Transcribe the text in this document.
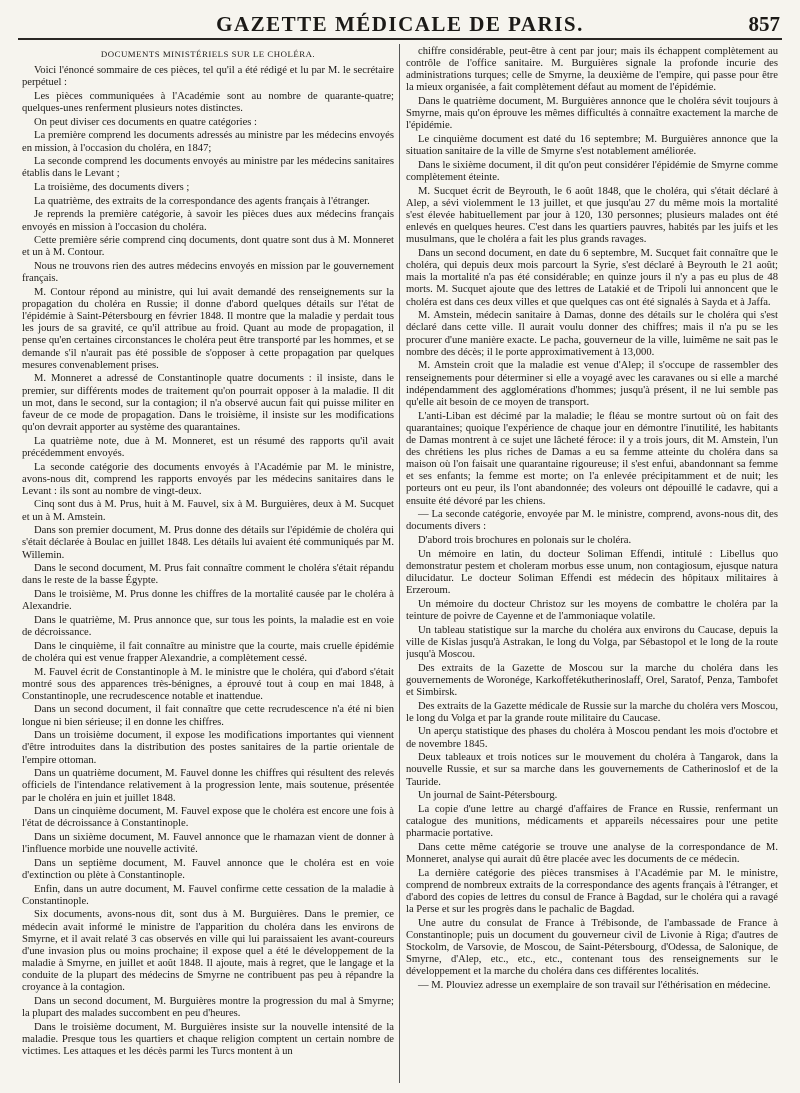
GAZETTE MÉDICALE DE PARIS.	857

DOCUMENTS MINISTÉRIELS SUR LE CHOLÉRA.

Voici l'énoncé sommaire de ces pièces, tel qu'il a été rédigé et lu par M. le secrétaire perpétuel :

Les pièces communiquées à l'Académie sont au nombre de quarante-quatre; quelques-unes renferment plusieurs notes distinctes.

On peut diviser ces documents en quatre catégories :

La première comprend les documents adressés au ministre par les médecins envoyés en mission, à l'occasion du choléra, en 1847;

La seconde comprend les documents envoyés au ministre par les médecins sanitaires établis dans le Levant ;

La troisième, des documents divers ;

La quatrième, des extraits de la correspondance des agents français à l'étranger.

Je reprends la première catégorie, à savoir les pièces dues aux médecins français envoyés en mission à l'occasion du choléra.

Cette première série comprend cinq documents, dont quatre sont dus à M. Monneret et un à M. Contour.

Nous ne trouvons rien des autres médecins envoyés en mission par le gouvernement français.

M. Contour répond au ministre, qui lui avait demandé des renseignements sur la propagation du choléra en Russie; il donne d'abord quelques détails sur l'état de l'épidémie à Saint-Pétersbourg en février 1848. Il montre que la maladie y perdait tous les jours de sa gravité, ce qu'il attribue au froid. Quant au mode de propagation, il pense qu'en certaines circonstances le choléra peut être transporté par les hommes, et se demande s'il n'aurait pas été possible de s'opposer à cette propagation par quelques mesures convenablement prises.

M. Monneret a adressé de Constantinople quatre documents : il insiste, dans le premier, sur différents modes de traitement qu'on pourrait opposer à la maladie. Il dit un mot, dans le second, sur la contagion; il n'a observé aucun fait qui puisse militer en faveur de ce mode de propagation. Dans le troisième, il insiste sur les modifications qu'on devrait apporter au système des quarantaines.

La quatrième note, due à M. Monneret, est un résumé des rapports qu'il avait précédemment envoyés.

La seconde catégorie des documents envoyés à l'Académie par M. le ministre, avons-nous dit, comprend les rapports envoyés par les médecins sanitaires dans le Levant : ils sont au nombre de vingt-deux.

Cinq sont dus à M. Prus, huit à M. Fauvel, six à M. Burguières, deux à M. Sucquet et un à M. Amstein.

Dans son premier document, M. Prus donne des détails sur l'épidémie de choléra qui s'était déclarée à Boulac en juillet 1848. Les détails lui avaient été communiqués par M. Willemin.

Dans le second document, M. Prus fait connaître comment le choléra s'était répandu dans le reste de la basse Égypte.

Dans le troisième, M. Prus donne les chiffres de la mortalité causée par le choléra à Alexandrie.

Dans le quatrième, M. Prus annonce que, sur tous les points, la maladie est en voie de décroissance.

Dans le cinquième, il fait connaître au ministre que la courte, mais cruelle épidémie de choléra qui est venue frapper Alexandrie, a complètement cessé.

M. Fauvel écrit de Constantinople à M. le ministre que le choléra, qui d'abord s'était montré sous des apparences très-bénignes, a éprouvé tout à coup en mai 1848, à Constantinople, une recrudescence notable et inattendue.

Dans un second document, il fait connaître que cette recrudescence n'a été ni bien longue ni bien sérieuse; il en donne les chiffres.

Dans un troisième document, il expose les modifications importantes qui viennent d'être introduites dans la distribution des postes sanitaires de la partie orientale de l'empire ottoman.

Dans un quatrième document, M. Fauvel donne les chiffres qui résultent des relevés officiels de l'intendance relativement à la progression lente, mais soutenue, présentée par le choléra en juin et juillet 1848.

Dans un cinquième document, M. Fauvel expose que le choléra est encore une fois à l'état de décroissance à Constantinople.

Dans un sixième document, M. Fauvel annonce que le rhamazan vient de donner à l'influence morbide une nouvelle activité.

Dans un septième document, M. Fauvel annonce que le choléra est en voie d'extinction ou plète à Constantinople.

Enfin, dans un autre document, M. Fauvel confirme cette cessation de la maladie à Constantinople.

Six documents, avons-nous dit, sont dus à M. Burguières. Dans le premier, ce médecin avait informé le ministre de l'apparition du choléra dans les environs de Smyrne, et il avait relaté 3 cas observés en ville qui lui paraissaient les avant-coureurs d'une invasion plus ou moins prochaine; il expose quel a été le développement de la maladie à Smyrne, en juillet et août 1848. Il ajoute, mais à regret, que le langage et la conduite de la plupart des médecins de Smyrne ne contribuent pas peu à répandre la croyance à la contagion.

Dans un second document, M. Burguières montre la progression du mal à Smyrne; la plupart des malades succombent en peu d'heures.

Dans le troisième document, M. Burguières insiste sur la nouvelle intensité de la maladie. Presque tous les quartiers et chaque religion comptent un certain nombre de victimes. Les attaques et les décès parmi les Turcs montent à un

chiffre considérable, peut-être à cent par jour; mais ils échappent complètement au contrôle de l'office sanitaire. M. Burguières signale la profonde incurie des administrations turques; celle de Smyrne, la deuxième de l'empire, qui passe pour être la mieux organisée, a fait complètement défaut au moment de l'épidémie.

Dans le quatrième document, M. Burguières annonce que le choléra sévit toujours à Smyrne, mais qu'on éprouve les mêmes difficultés à connaître exactement la marche de l'épidémie.

Le cinquième document est daté du 16 septembre; M. Burguières annonce que la situation sanitaire de la ville de Smyrne s'est notablement améliorée.

Dans le sixième document, il dit qu'on peut considérer l'épidémie de Smyrne comme complètement éteinte.

M. Sucquet écrit de Beyrouth, le 6 août 1848, que le choléra, qui s'était déclaré à Alep, a sévi violemment le 13 juillet, et que jusqu'au 27 du même mois la mortalité s'est élevée habituellement par jour à 120, 130 personnes; plusieurs malades ont été enlevés en quelques heures. C'est dans les quartiers pauvres, habités par les juifs et les musulmans, que le choléra a fait les plus grands ravages.

Dans un second document, en date du 6 septembre, M. Sucquet fait connaître que le choléra, qui depuis deux mois parcourt la Syrie, s'est déclaré à Beyrouth le 21 août; mais la mortalité n'a pas été considérable; en quinze jours il n'y a pas eu plus de 48 morts. M. Sucquet ajoute que des lettres de Latakié et de Tripoli lui annoncent que le choléra est dans ces deux villes et que quelques cas ont été signalés à Sayda et à Jaffa.

M. Amstein, médecin sanitaire à Damas, donne des détails sur le choléra qui s'est déclaré dans cette ville. Il aurait voulu donner des chiffres; mais il n'a pu se les procurer d'une manière exacte. Le pacha, gouverneur de la ville, luimême ne sait pas le nombre des décès; il le porte approximativement à 13,000.

M. Amstein croit que la maladie est venue d'Alep; il s'occupe de rassembler des renseignements pour déterminer si elle a voyagé avec les caravanes ou si elle a marché indépendamment des agglomérations d'hommes; jusqu'à présent, il ne lui semble pas qu'elle ait besoin de ce moyen de transport.

L'anti-Liban est décimé par la maladie; le fléau se montre surtout où on fait des quarantaines; quoique l'expérience de chaque jour en démontre l'inutilité, les habitants de Damas montrent à ce sujet une lâcheté féroce: il y a trois jours, dit M. Amstein, l'un des chrétiens les plus riches de Damas a eu sa femme atteinte du choléra dans sa maison où l'on faisait une quarantaine rigoureuse; il s'est enfui, abandonnant sa femme et ses enfants; la femme est morte; on l'a enlevée précipitamment et de nuit; les porteurs ont eu peur, ils l'ont abandonnée; des voleurs ont dépouillé le cadavre, qui a ensuite été dévoré par les chiens.

— La seconde catégorie, envoyée par M. le ministre, comprend, avons-nous dit, des documents divers :

D'abord trois brochures en polonais sur le choléra.

Un mémoire en latin, du docteur Soliman Effendi, intitulé : Libellus quo demonstratur pestem et choleram morbus esse unum, non contagiosum, ejusque natura dilucidatur. Le docteur Soliman Effendi est médecin des hôpitaux militaires à Erzeroum.

Un mémoire du docteur Christoz sur les moyens de combattre le choléra par la teinture de poivre de Cayenne et de l'ammoniaque volatile.

Un tableau statistique sur la marche du choléra aux environs du Caucase, depuis la ville de Kislas jusqu'à Astrakan, le long du Volga, par Sébastopol et le long de la route jusqu'à Moscou.

Des extraits de la Gazette de Moscou sur la marche du choléra dans les gouvernements de Woronége, Karkoffetékutherinoslaff, Orel, Saratof, Penza, Tambofet et Simbirsk.

Des extraits de la Gazette médicale de Russie sur la marche du choléra vers Moscou, le long du Volga et par la grande route militaire du Caucase.

Un aperçu statistique des phases du choléra à Moscou pendant les mois d'octobre et de novembre 1845.

Deux tableaux et trois notices sur le mouvement du choléra à Tangarok, dans la nouvelle Russie, et sur sa marche dans les gouvernements de Catherinoslof et de la Tauride.

Un journal de Saint-Pétersbourg.

La copie d'une lettre au chargé d'affaires de France en Russie, renfermant un catalogue des munitions, médicaments et appareils nécessaires pour une petite pharmacie portative.

Dans cette même catégorie se trouve une analyse de la correspondance de M. Monneret, analyse qui aurait dû être placée avec les documents de ce médecin.

La dernière catégorie des pièces transmises à l'Académie par M. le ministre, comprend de nombreux extraits de la correspondance des agents français à l'étranger, et d'abord des copies de lettres du consul de France à Bagdad, sur le choléra qui a ravagé la Perse et sur les progrès dans le pachalic de Bagdad.

Une autre du consulat de France à Trébisonde, de l'ambassade de France à Constantinople; puis un document du gouverneur civil de Livonie à Riga; d'autres de Stockolm, de Varsovie, de Moscou, de Saint-Pétersbourg, d'Odessa, de Salonique, de Smyrne, d'Alep, etc., etc., etc., contenant tous des renseignements sur le développement et la marche du choléra dans ces différentes localités.

— M. Plouviez adresse un exemplaire de son travail sur l'éthérisation en médecine.
